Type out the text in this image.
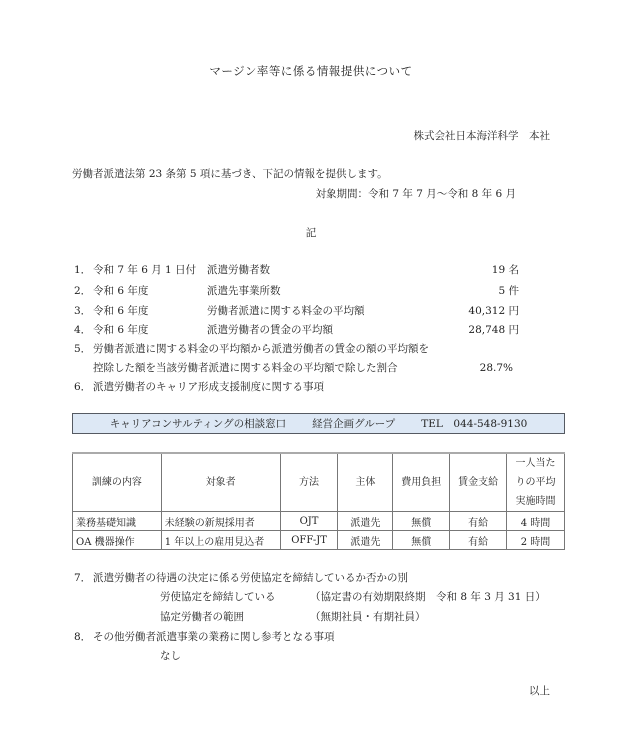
マージン率等に係る情報提供について
株式会社日本海洋科学　本社
労働者派遣法第 23 条第 5 項に基づき、下記の情報を提供します。
対象期間：令和 7 年 7 月～令和 8 年 6 月
記
1． 令和 7 年 6 月 1 日付 派遣労働者数	19 名
2． 令和 6 年度	派遣先事業所数	5 件
3． 令和 6 年度	労働者派遣に関する料金の平均額	40,312 円
4． 令和 6 年度	派遣労働者の賃金の平均額	28,748 円
5． 労働者派遣に関する料金の平均額から派遣労働者の賃金の額の平均額を
控除した額を当該労働者派遣に関する料金の平均額で除した割合	28.7%
6． 派遣労働者のキャリア形成支援制度に関する事項
キャリアコンサルティングの相談窓口 経営企画グループ TEL　044-548-9130
訓練の内容	対象者	方法	主体	費用負担	賃金支給	一人当た
りの平均
実施時間

業務基礎知識	未経験の新規採用者	OJT	派遣先	無償	有給	4 時間
OA 機器操作	1 年以上の雇用見込者	OFF-JT	派遣先	無償	有給	2 時間
7． 派遣労働者の待遇の決定に係る労使協定を締結しているか否かの別
労使協定を締結している	（協定書の有効期限終期　令和 8 年 3 月 31 日）
協定労働者の範囲	（無期社員・有期社員）
8． その他労働者派遣事業の業務に関し参考となる事項
なし
以上
